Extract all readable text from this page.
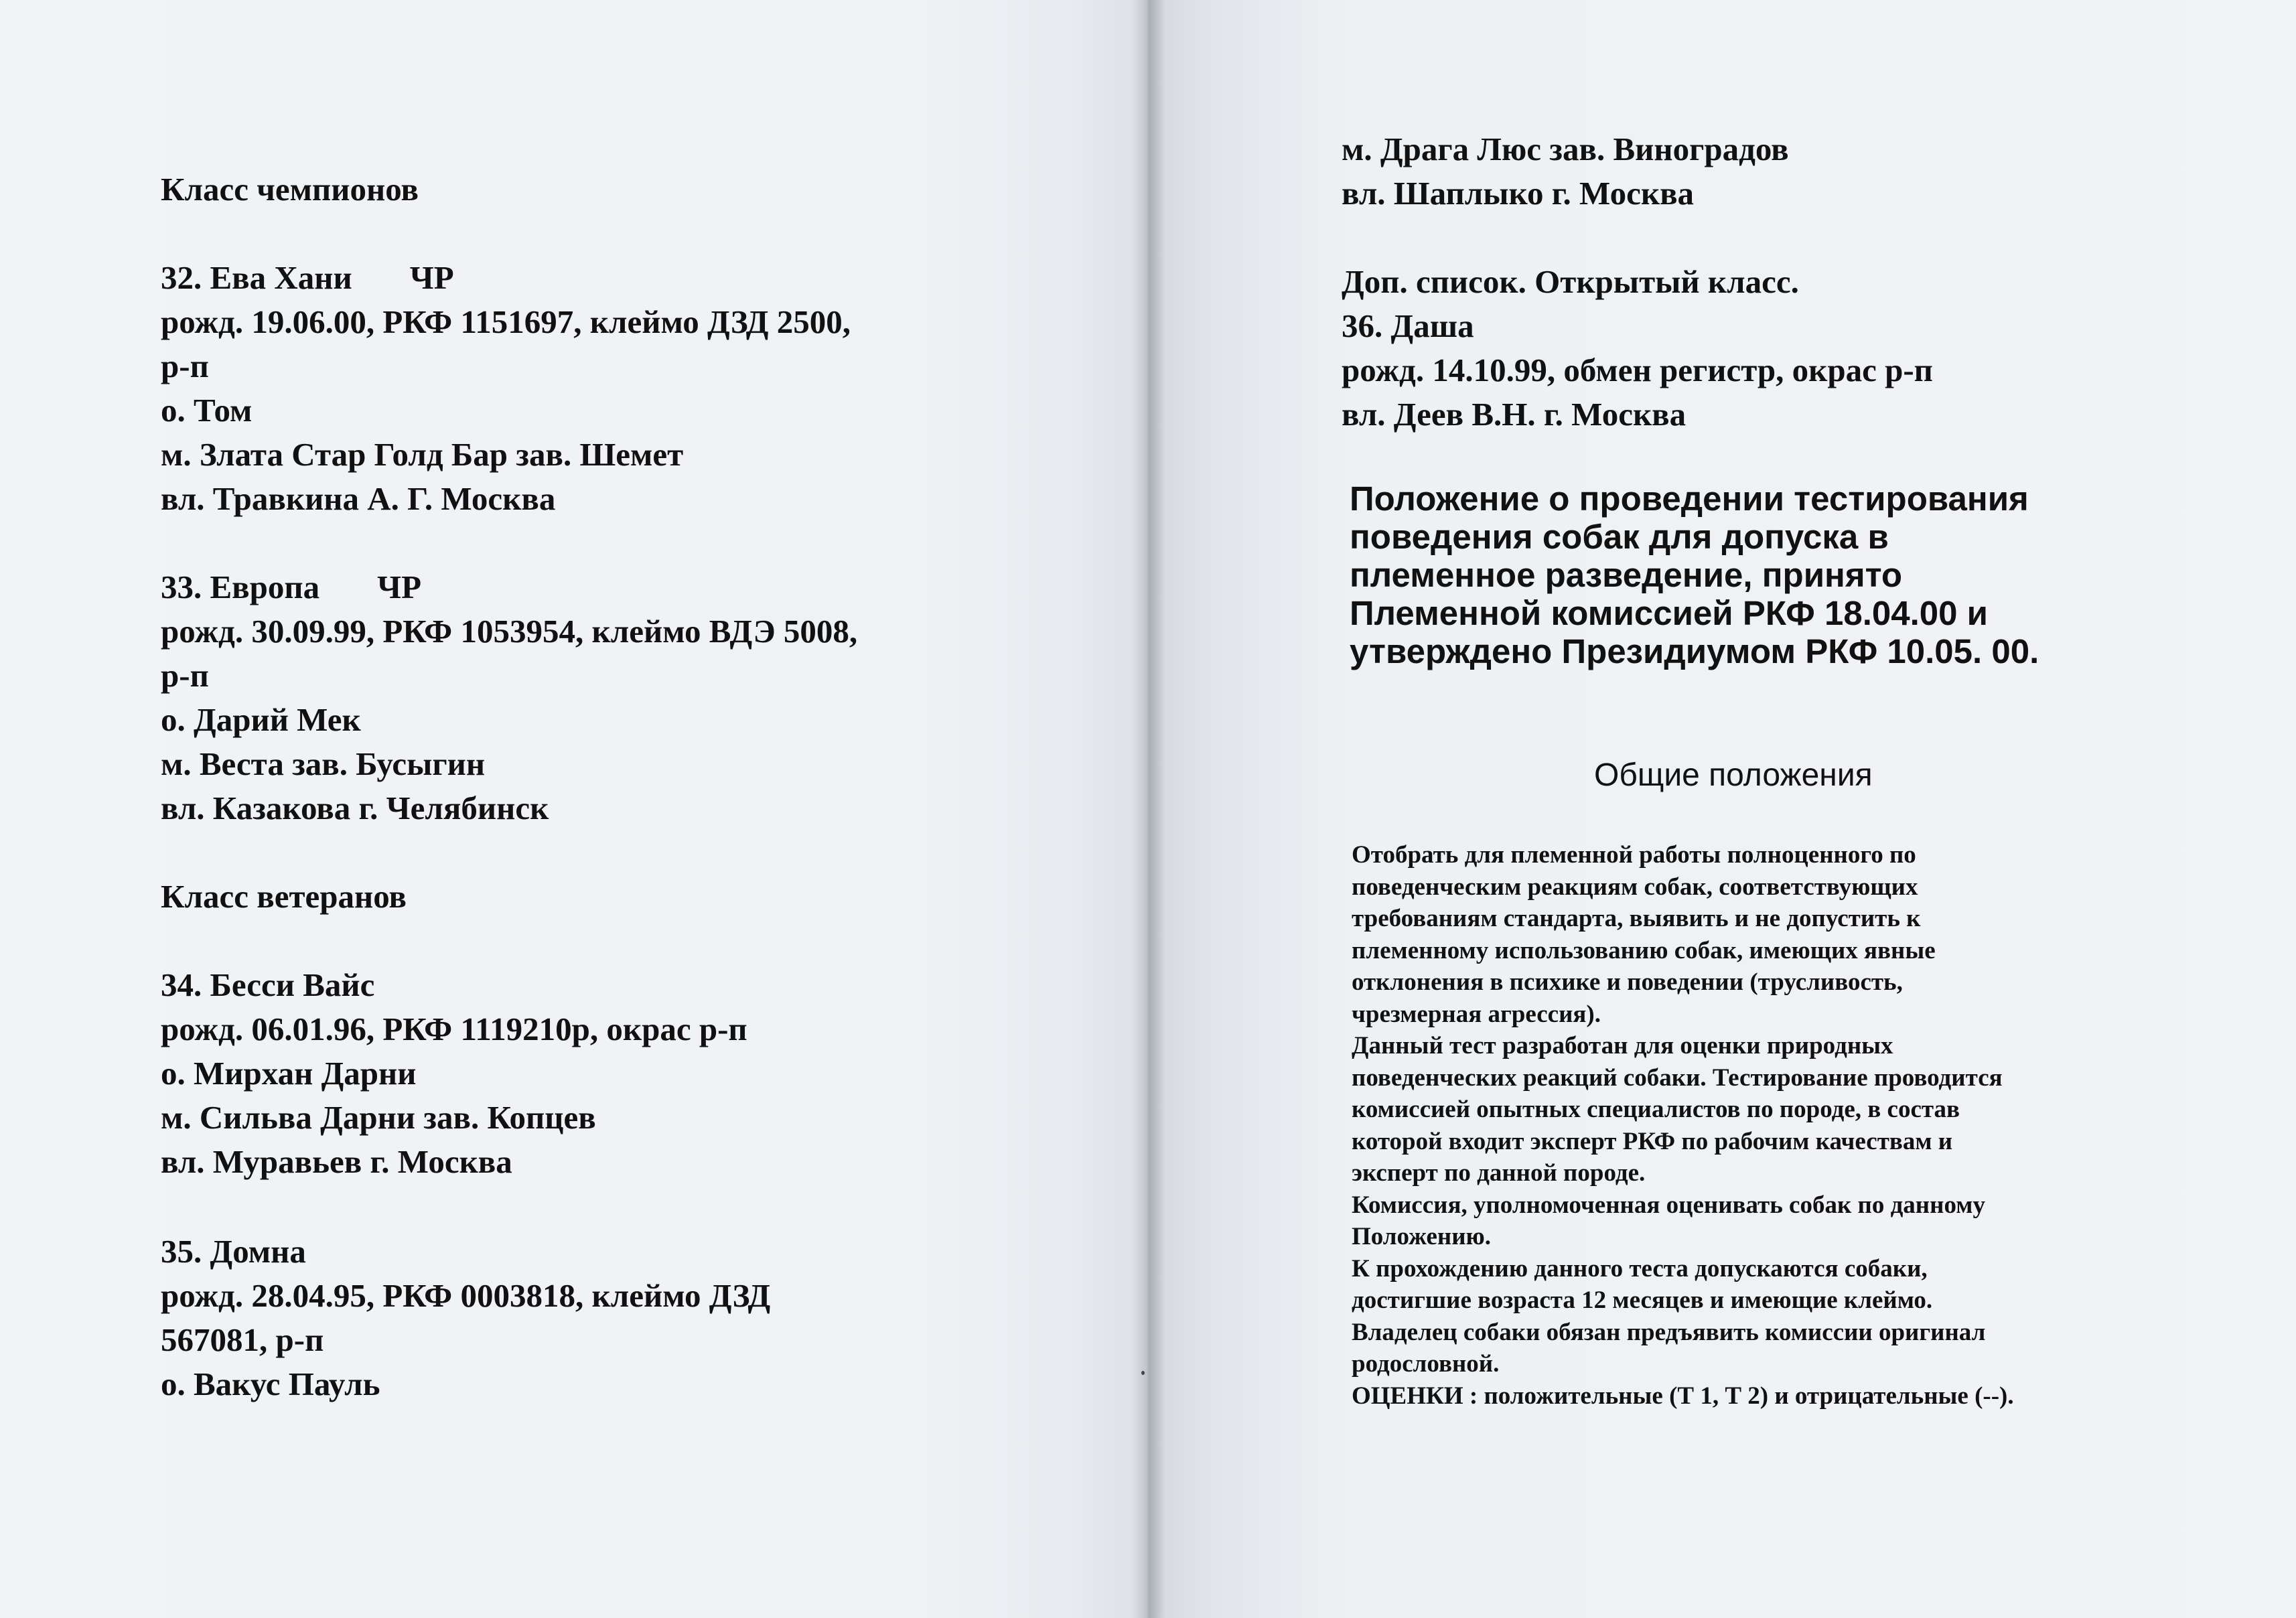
Класс чемпионов
32. Ева Хани ЧР
рожд. 19.06.00, РКФ 1151697, клеймо ДЗД 2500,
р-п
о. Том
м. Злата Стар Голд Бар зав. Шемет
вл. Травкина А. Г. Москва
33. Европа ЧР
рожд. 30.09.99, РКФ 1053954, клеймо ВДЭ 5008,
р-п
о. Дарий Мек
м. Веста зав. Бусыгин
вл. Казакова г. Челябинск
Класс ветеранов
34. Бесси Вайс
рожд. 06.01.96, РКФ 1119210р, окрас р-п
о. Мирхан Дарни
м. Сильва Дарни зав. Копцев
вл. Муравьев г. Москва
35. Домна
рожд. 28.04.95, РКФ 0003818, клеймо ДЗД
567081, р-п
о. Вакус Пауль
м. Драга Люс зав. Виноградов
вл. Шаплыко г. Москва
Доп. список. Открытый класс.
36. Даша
рожд. 14.10.99, обмен регистр, окрас р-п
вл. Деев В.Н. г. Москва
Положение о проведении тестирования
поведения собак для допуска в
племенное разведение, принято
Племенной комиссией РКФ 18.04.00 и
утверждено Президиумом РКФ 10.05. 00.
Общие положения
Отобрать для племенной работы полноценного по
поведенческим реакциям собак, соответствующих
требованиям стандарта, выявить и не допустить к
племенному использованию собак, имеющих явные
отклонения в психике и поведении (трусливость,
чрезмерная агрессия).
Данный тест разработан для оценки природных
поведенческих реакций собаки. Тестирование проводится
комиссией опытных специалистов по породе, в состав
которой входит эксперт РКФ по рабочим качествам и
эксперт по данной породе.
Комиссия, уполномоченная оценивать собак по данному
Положению.
К прохождению данного теста допускаются собаки,
достигшие возраста 12 месяцев и имеющие клеймо.
Владелец собаки обязан предъявить комиссии оригинал
родословной.
ОЦЕНКИ : положительные (Т 1, Т 2) и отрицательные (--).
